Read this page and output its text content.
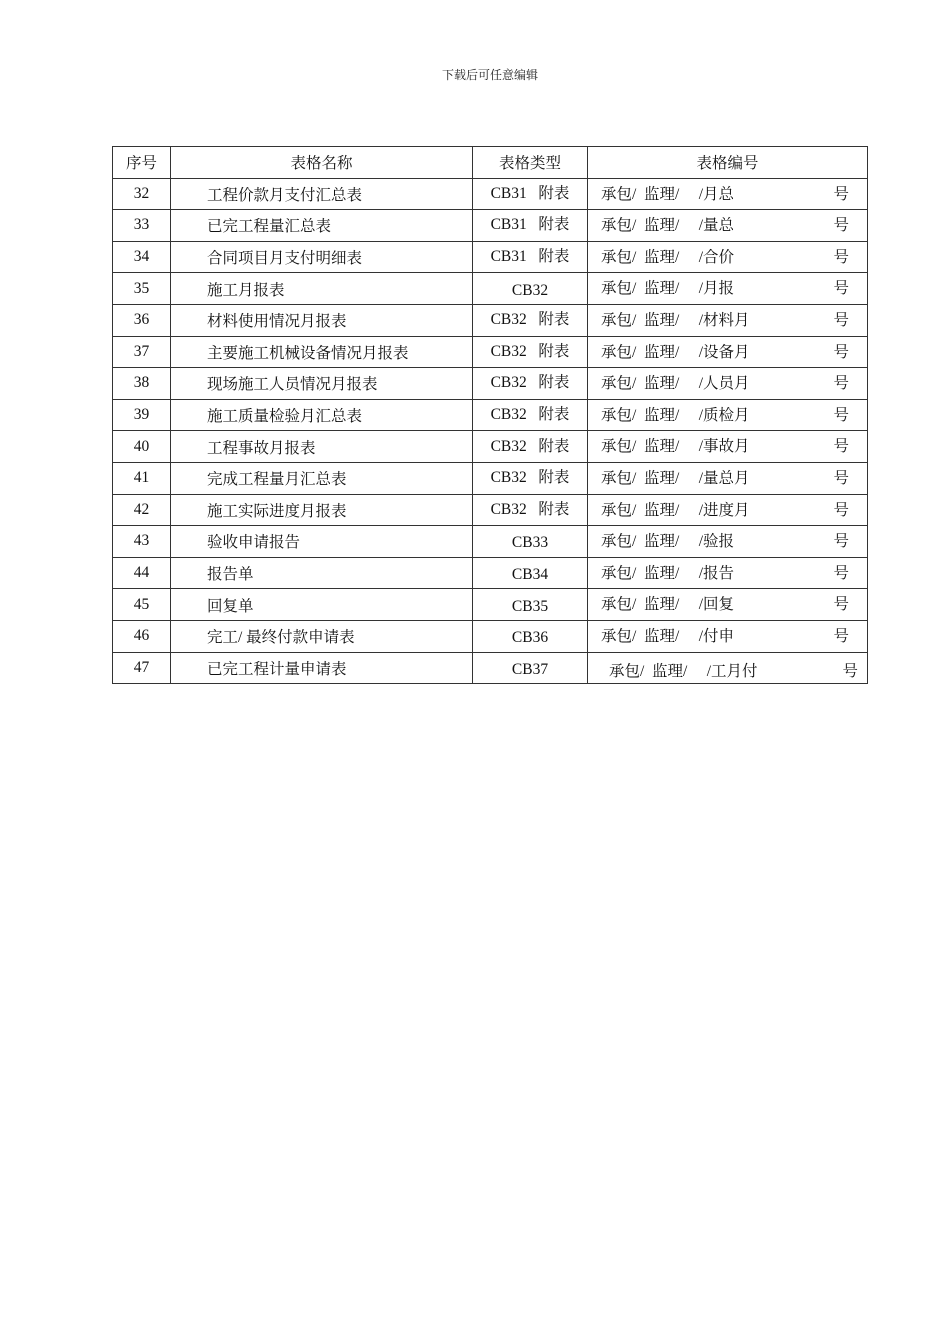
下载后可任意编辑
序号	表格名称	表格类型	表格编号
32	工程价款月支付汇总表	CB31   附表	承包/  监理/     /月总 号

33	已完工程量汇总表	CB31   附表	承包/  监理/     /量总 号

34	合同项目月支付明细表	CB31   附表	承包/  监理/     /合价 号

35	施工月报表	CB32	承包/  监理/     /月报 号

36	材料使用情况月报表	CB32   附表	承包/  监理/     /材料月 号

37	主要施工机械设备情况月报表	CB32   附表	承包/  监理/     /设备月 号

38	现场施工人员情况月报表	CB32   附表	承包/  监理/     /人员月 号

39	施工质量检验月汇总表	CB32   附表	承包/  监理/     /质检月 号

40	工程事故月报表	CB32   附表	承包/  监理/     /事故月 号

41	完成工程量月汇总表	CB32   附表	承包/  监理/     /量总月 号

42	施工实际进度月报表	CB32   附表	承包/  监理/     /进度月 号

43	验收申请报告	CB33	承包/  监理/     /验报 号

44	报告单	CB34	承包/  监理/     /报告 号

45	回复单	CB35	承包/  监理/     /回复 号

46	完工/ 最终付款申请表	CB36	承包/  监理/     /付申 号

47	已完工程计量申请表	CB37	承包/  监理/     /工月付 号
